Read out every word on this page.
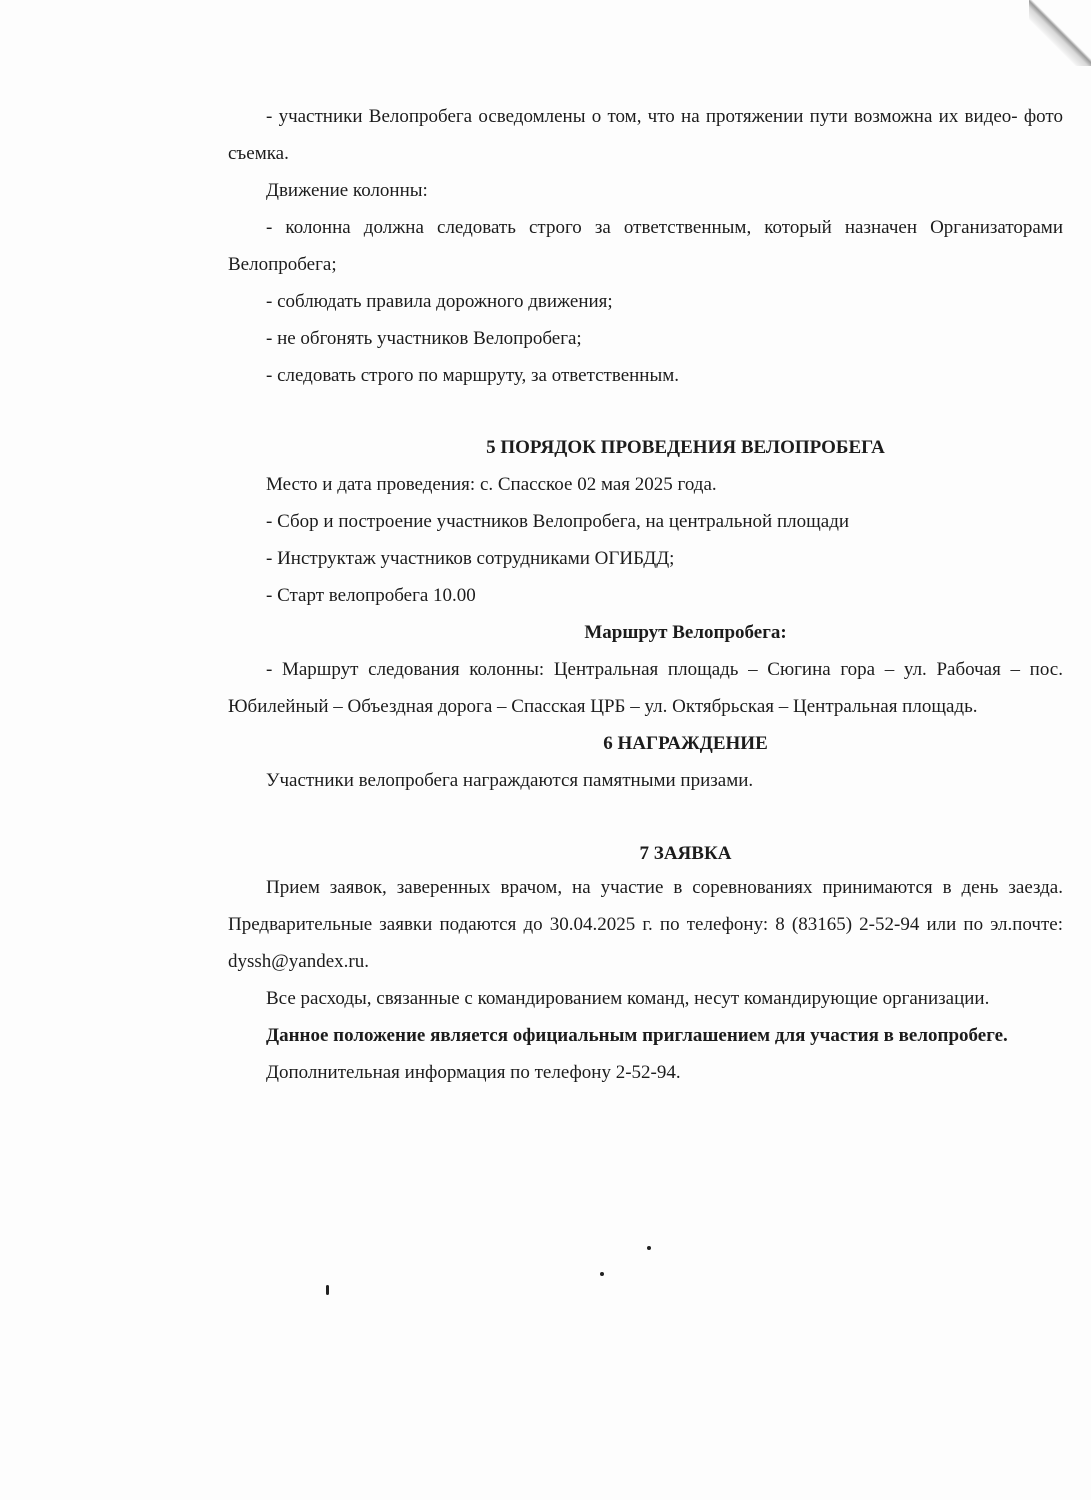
- участники Велопробега осведомлены о том, что на протяжении пути возможна их видео- фото съемка.

Движение колонны:

- колонна должна следовать строго за ответственным, который назначен Организаторами Велопробега;

- соблюдать правила дорожного движения;

- не обгонять участников Велопробега;

- следовать строго по маршруту, за ответственным.

5 ПОРЯДОК ПРОВЕДЕНИЯ ВЕЛОПРОБЕГА

Место и дата проведения: с. Спасское 02 мая 2025 года.

- Сбор и построение участников Велопробега, на центральной площади

- Инструктаж участников сотрудниками ОГИБДД;

- Старт велопробега 10.00

Маршрут Велопробега:

- Маршрут следования колонны: Центральная площадь – Сюгина гора – ул. Рабочая – пос. Юбилейный – Объездная дорога – Спасская ЦРБ – ул. Октябрьская – Центральная площадь.

6 НАГРАЖДЕНИЕ

Участники велопробега награждаются памятными призами.

7 ЗАЯВКА

Прием заявок, заверенных врачом, на участие в соревнованиях принимаются в день заезда. Предварительные заявки подаются до 30.04.2025 г. по телефону: 8 (83165) 2-52-94 или по эл.почте: dyssh@yandex.ru.

Все расходы, связанные с командированием команд, несут командирующие организации.

Данное положение является официальным приглашением для участия в велопробеге.

Дополнительная информация по телефону 2-52-94.
